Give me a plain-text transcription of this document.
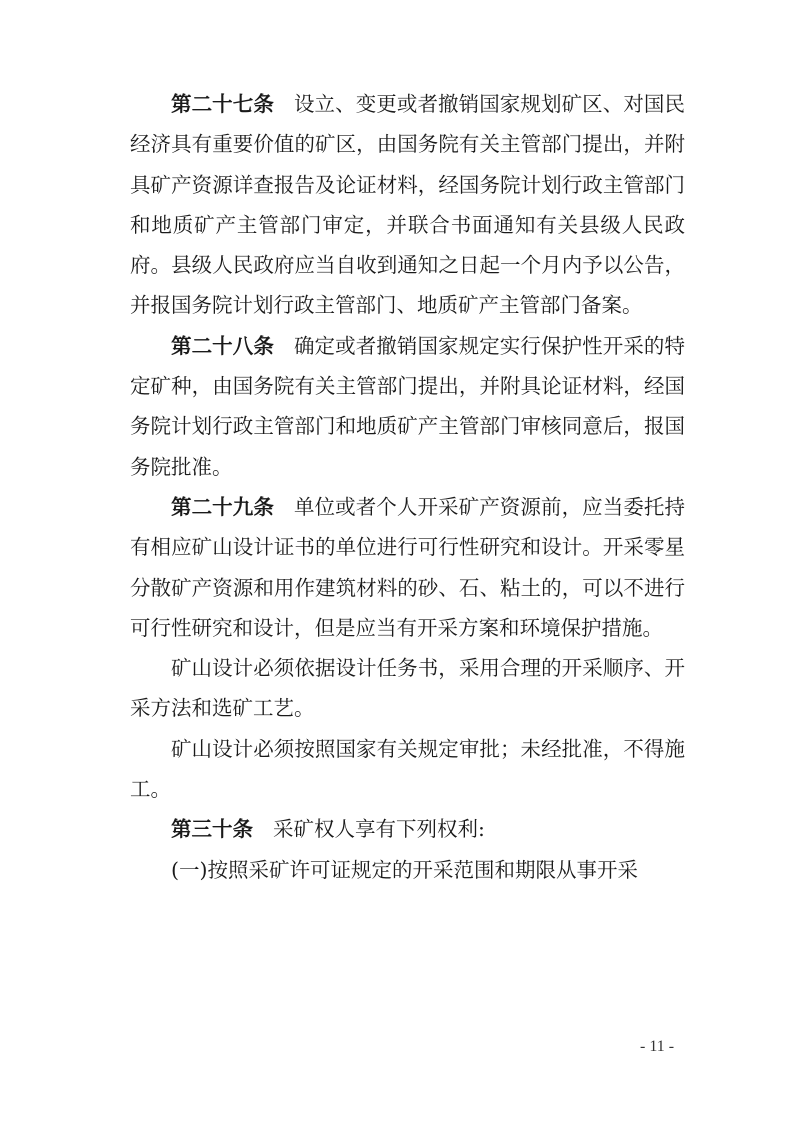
第二十七条 设立、变更或者撤销国家规划矿区、对国民经济具有重要价值的矿区，由国务院有关主管部门提出，并附具矿产资源详查报告及论证材料，经国务院计划行政主管部门和地质矿产主管部门审定，并联合书面通知有关县级人民政府。县级人民政府应当自收到通知之日起一个月内予以公告，并报国务院计划行政主管部门、地质矿产主管部门备案。

第二十八条 确定或者撤销国家规定实行保护性开采的特定矿种，由国务院有关主管部门提出，并附具论证材料，经国务院计划行政主管部门和地质矿产主管部门审核同意后，报国务院批准。

第二十九条 单位或者个人开采矿产资源前，应当委托持有相应矿山设计证书的单位进行可行性研究和设计。开采零星分散矿产资源和用作建筑材料的砂、石、粘土的，可以不进行可行性研究和设计，但是应当有开采方案和环境保护措施。

矿山设计必须依据设计任务书，采用合理的开采顺序、开采方法和选矿工艺。

矿山设计必须按照国家有关规定审批；未经批准，不得施工。

第三十条 采矿权人享有下列权利:

(一)按照采矿许可证规定的开采范围和期限从事开采

- 11 -
